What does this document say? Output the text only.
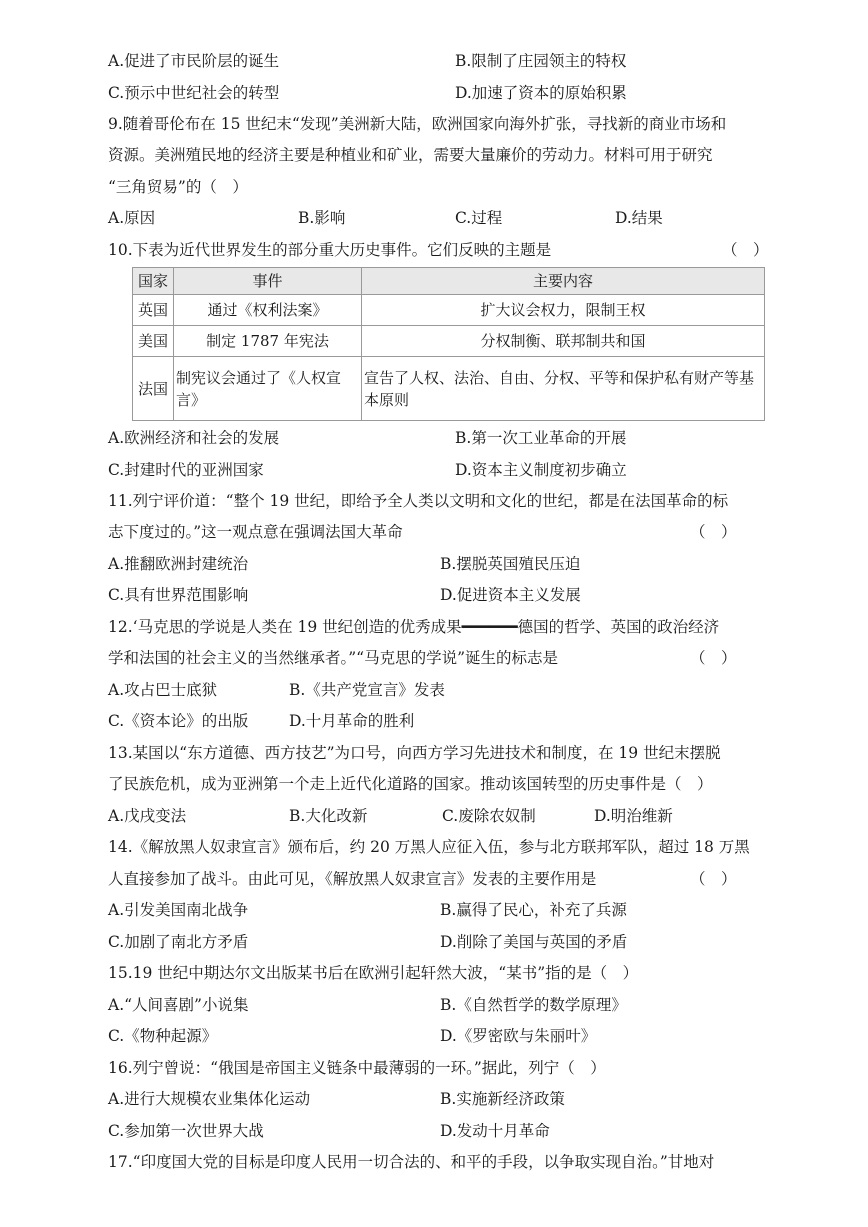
A.促进了市民阶层的诞生	B.限制了庄园领主的特权
C.预示中世纪社会的转型	D.加速了资本的原始积累
9.随着哥伦布在 15 世纪末“发现”美洲新大陆，欧洲国家向海外扩张，寻找新的商业市场和
资源。美洲殖民地的经济主要是种植业和矿业，需要大量廉价的劳动力。材料可用于研究
“三角贸易”的（　）
A.原因	B.影响	C.过程	D.结果
10.下表为近代世界发生的部分重大历史事件。它们反映的主题是	（　）
国家	事件	主要内容
英国	通过《权利法案》	扩大议会权力，限制王权
美国	制定 1787 年宪法	分权制衡、联邦制共和国
法国	制宪议会通过了《人权宣言》	宣告了人权、法治、自由、分权、平等和保护私有财产等基本原则
A.欧洲经济和社会的发展	B.第一次工业革命的开展
C.封建时代的亚洲国家	D.资本主义制度初步确立
11.列宁评价道：“整个 19 世纪，即给予全人类以文明和文化的世纪，都是在法国革命的标
志下度过的。”这一观点意在强调法国大革命	（　）
A.推翻欧洲封建统治	B.摆脱英国殖民压迫
C.具有世界范围影响	D.促进资本主义发展
12.‘马克思的学说是人类在 19 世纪创造的优秀成果━━━━━━德国的哲学、英国的政治经济
学和法国的社会主义的当然继承者。”“马克思的学说”诞生的标志是	（　）
A.攻占巴士底狱	B.《共产党宣言》发表
C.《资本论》的出版	D.十月革命的胜利
13.某国以“东方道德、西方技艺”为口号，向西方学习先进技术和制度，在 19 世纪末摆脱
了民族危机，成为亚洲第一个走上近代化道路的国家。推动该国转型的历史事件是（　）
A.戊戌变法	B.大化改新	C.废除农奴制	D.明治维新
14.《解放黑人奴隶宣言》颁布后，约 20 万黑人应征入伍，参与北方联邦军队，超过 18 万黑
人直接参加了战斗。由此可见，《解放黑人奴隶宣言》发表的主要作用是	（　）
A.引发美国南北战争	B.赢得了民心，补充了兵源
C.加剧了南北方矛盾	D.削除了美国与英国的矛盾
15.19 世纪中期达尔文出版某书后在欧洲引起轩然大波，“某书”指的是（　）
A.“人间喜剧”小说集	B.《自然哲学的数学原理》
C.《物种起源》	D.《罗密欧与朱丽叶》
16.列宁曾说：“俄国是帝国主义链条中最薄弱的一环。”据此，列宁（　）
A.进行大规模农业集体化运动	B.实施新经济政策
C.参加第一次世界大战	D.发动十月革命
17.“印度国大党的目标是印度人民用一切合法的、和平的手段，以争取实现自治。”甘地对
